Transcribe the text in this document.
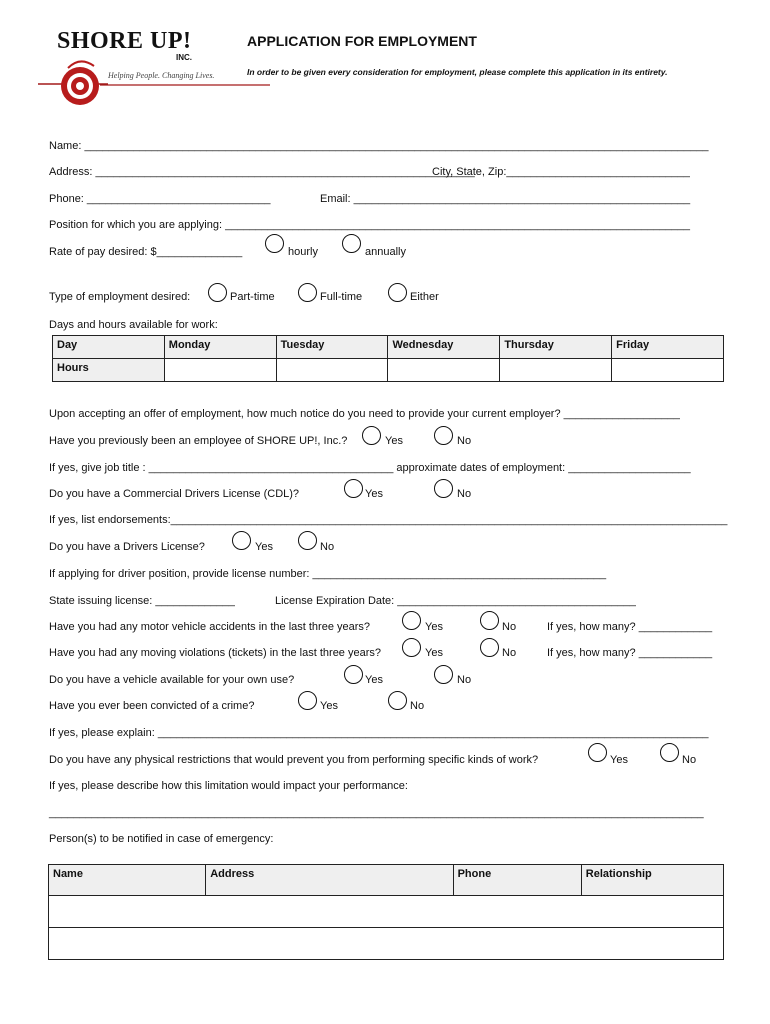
SHORE UP!
INC.
Helping People. Changing Lives.
APPLICATION FOR EMPLOYMENT
In order to be given every consideration for employment, please complete this application in its entirety.
Name: ______________________________________________________________________________________________________
Address: ______________________________________________________________
City, State, Zip:______________________________
Phone: ______________________________	Email: _______________________________________________________
Position for which you are applying: ____________________________________________________________________________
Rate of pay desired: $______________	hourly	annually
Type of employment desired:	Part-time	Full-time	Either
Days and hours available for work:
Day	Monday	Tuesday	Wednesday	Thursday	Friday
Hours					
Upon accepting an offer of employment, how much notice do you need to provide your current employer? ___________________
Have you previously been an employee of SHORE UP!, Inc.?	Yes	No
If yes, give job title : ________________________________________ approximate dates of employment: ____________________
Do you have a Commercial Drivers License (CDL)?	Yes	No
If yes, list endorsements:___________________________________________________________________________________________
Do you have a Drivers License?	Yes	No
If applying for driver position, provide license number: ________________________________________________
State issuing license: _____________	License Expiration Date: _______________________________________
Have you had any motor vehicle accidents in the last three years?	Yes	No	If yes, how many? ____________
Have you had any moving violations (tickets) in the last three years?	Yes	No	If yes, how many? ____________
Do you have a vehicle available for your own use?	Yes	No
Have you ever been convicted of a crime?	Yes	No
If yes, please explain: __________________________________________________________________________________________
Do you have any physical restrictions that would prevent you from performing specific kinds of work?	Yes	No
If yes, please describe how this limitation would impact your performance:
___________________________________________________________________________________________________________
Person(s) to be notified in case of emergency:
Name	Address	Phone	Relationship
